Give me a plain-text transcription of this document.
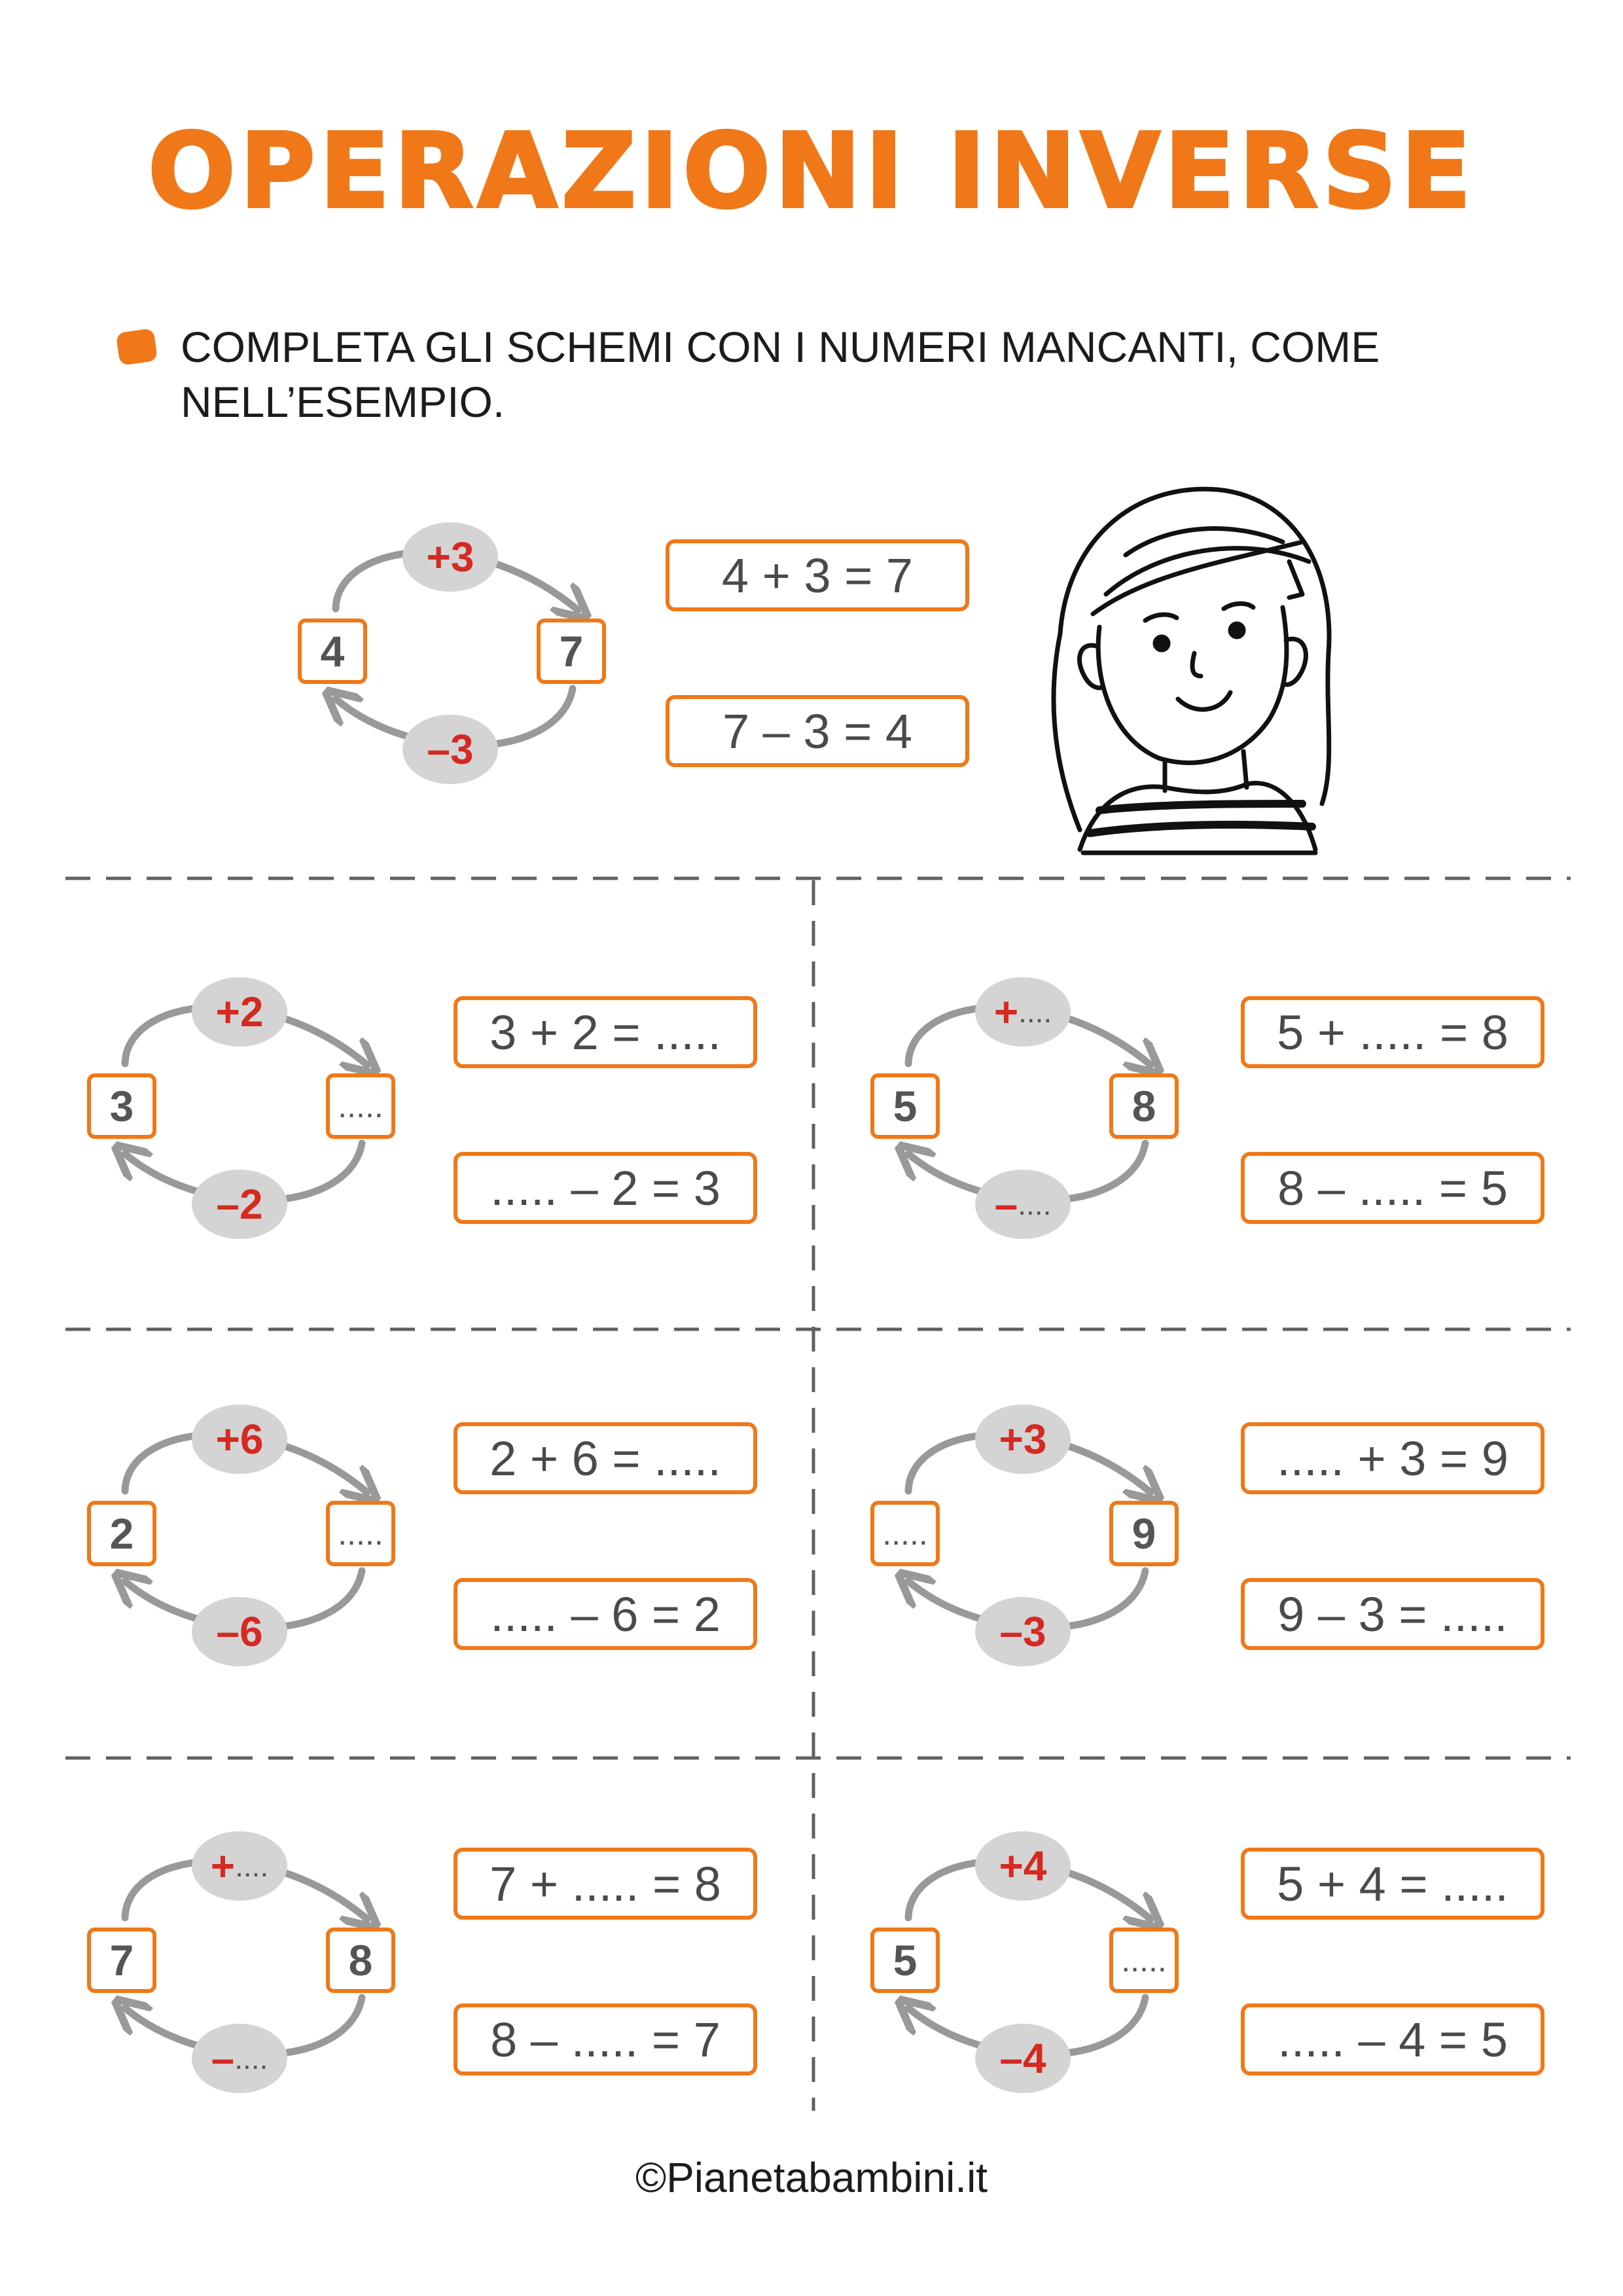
OPERAZIONI INVERSE
COMPLETA GLI SCHEMI CON I NUMERI MANCANTI, COME NELL’ESEMPIO.
4	7
+3
–3
4 + 3 = 7
7 – 3 = 4
3	.....
+2
–2
3 + 2 = .....
..... – 2 = 3
5	8
+ ....
– ....
5 + ..... = 8
8 – ..... = 5
2	.....
+6
–6
2 + 6 = .....
..... – 6 = 2
.....	9
+3
–3
..... + 3 = 9
9 – 3 = .....
7	8
+ ....
– ....
7 + ..... = 8
8 – ..... = 7
5	.....
+4
–4
5 + 4 = .....
..... – 4 = 5
©Pianetabambini.it
